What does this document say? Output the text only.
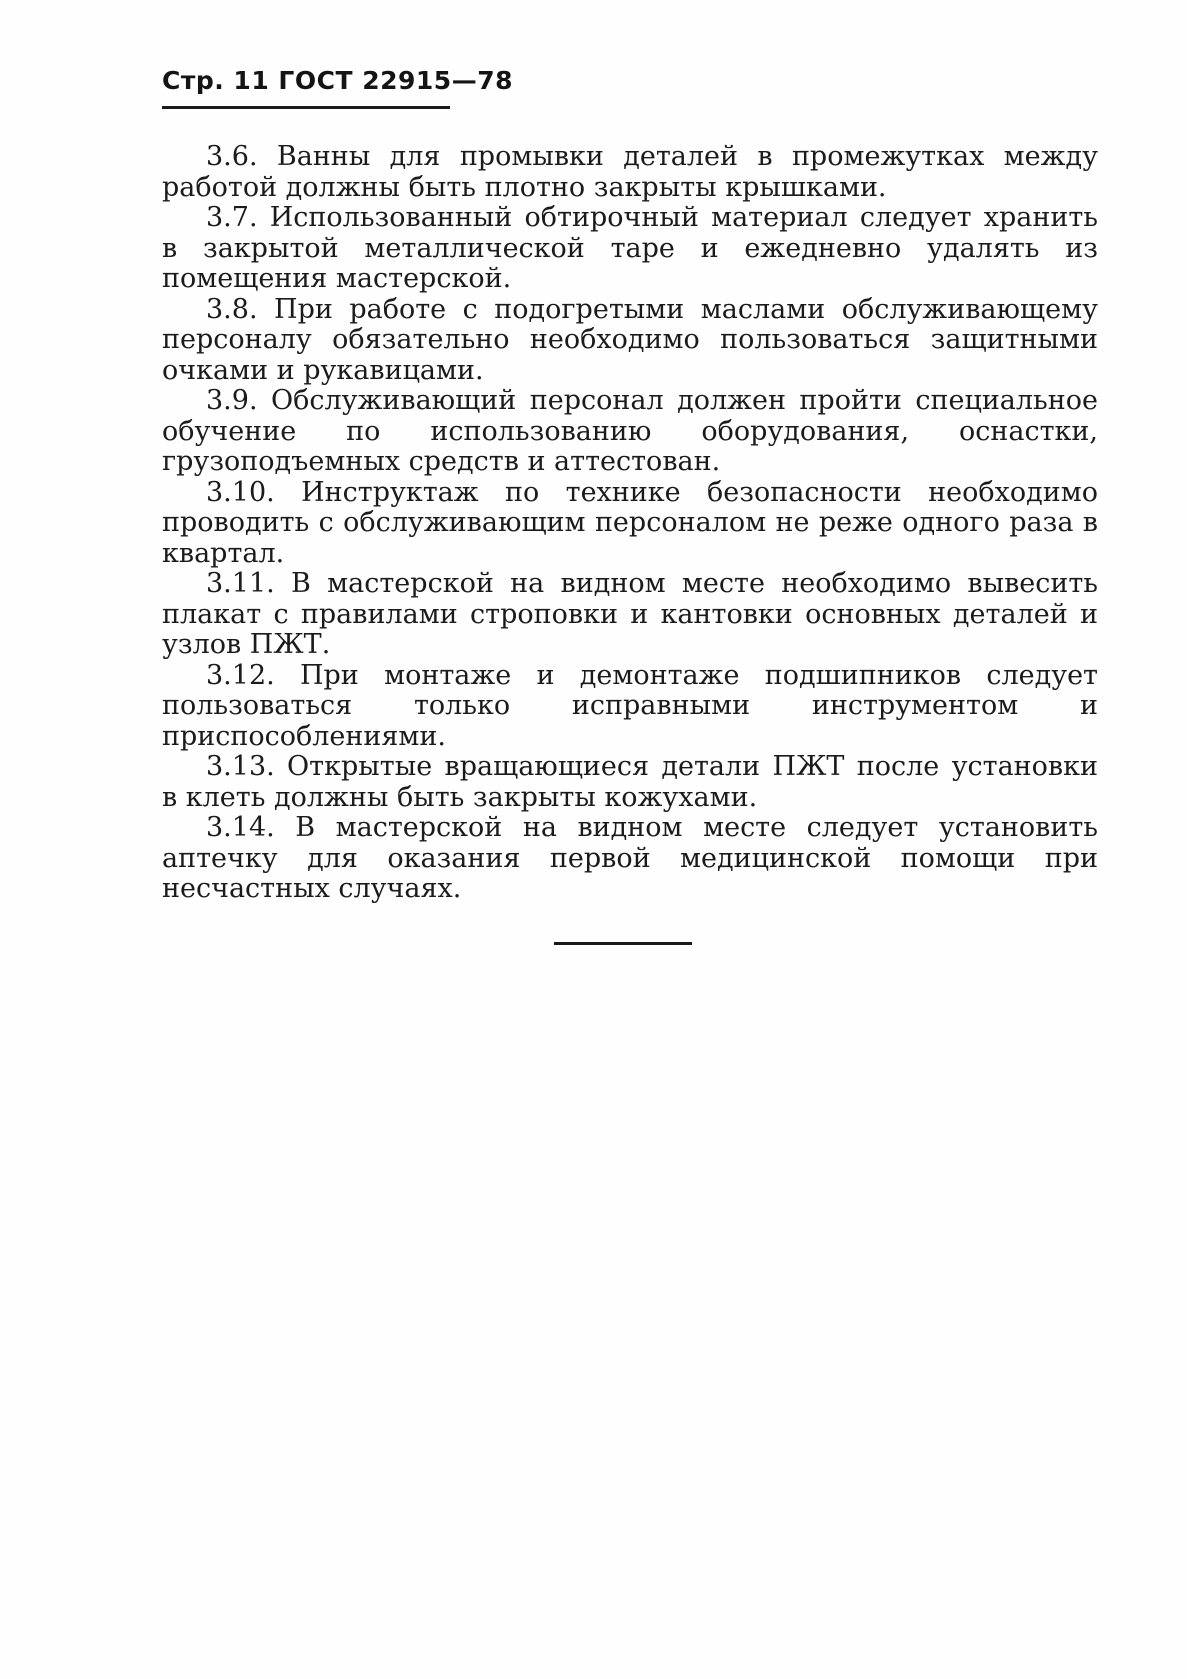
Стр. 11 ГОСТ 22915—78

3.6. Ванны для промывки деталей в промежутках между работой должны быть плотно закрыты крышками.

3.7. Использованный обтирочный материал следует хранить в закрытой металлической таре и ежедневно удалять из помещения мастерской.

3.8. При работе с подогретыми маслами обслуживающему персоналу обязательно необходимо пользоваться защитными очками и рукавицами.

3.9. Обслуживающий персонал должен пройти специальное обучение по использованию оборудования, оснастки, грузоподъемных средств и аттестован.

3.10. Инструктаж по технике безопасности необходимо проводить с обслуживающим персоналом не реже одного раза в квартал.

3.11. В мастерской на видном месте необходимо вывесить плакат с правилами строповки и кантовки основных деталей и узлов ПЖТ.

3.12. При монтаже и демонтаже подшипников следует пользоваться только исправными инструментом и приспособлениями.

3.13. Открытые вращающиеся детали ПЖТ после установки в клеть должны быть закрыты кожухами.

3.14. В мастерской на видном месте следует установить аптечку для оказания первой медицинской помощи при несчастных случаях.
